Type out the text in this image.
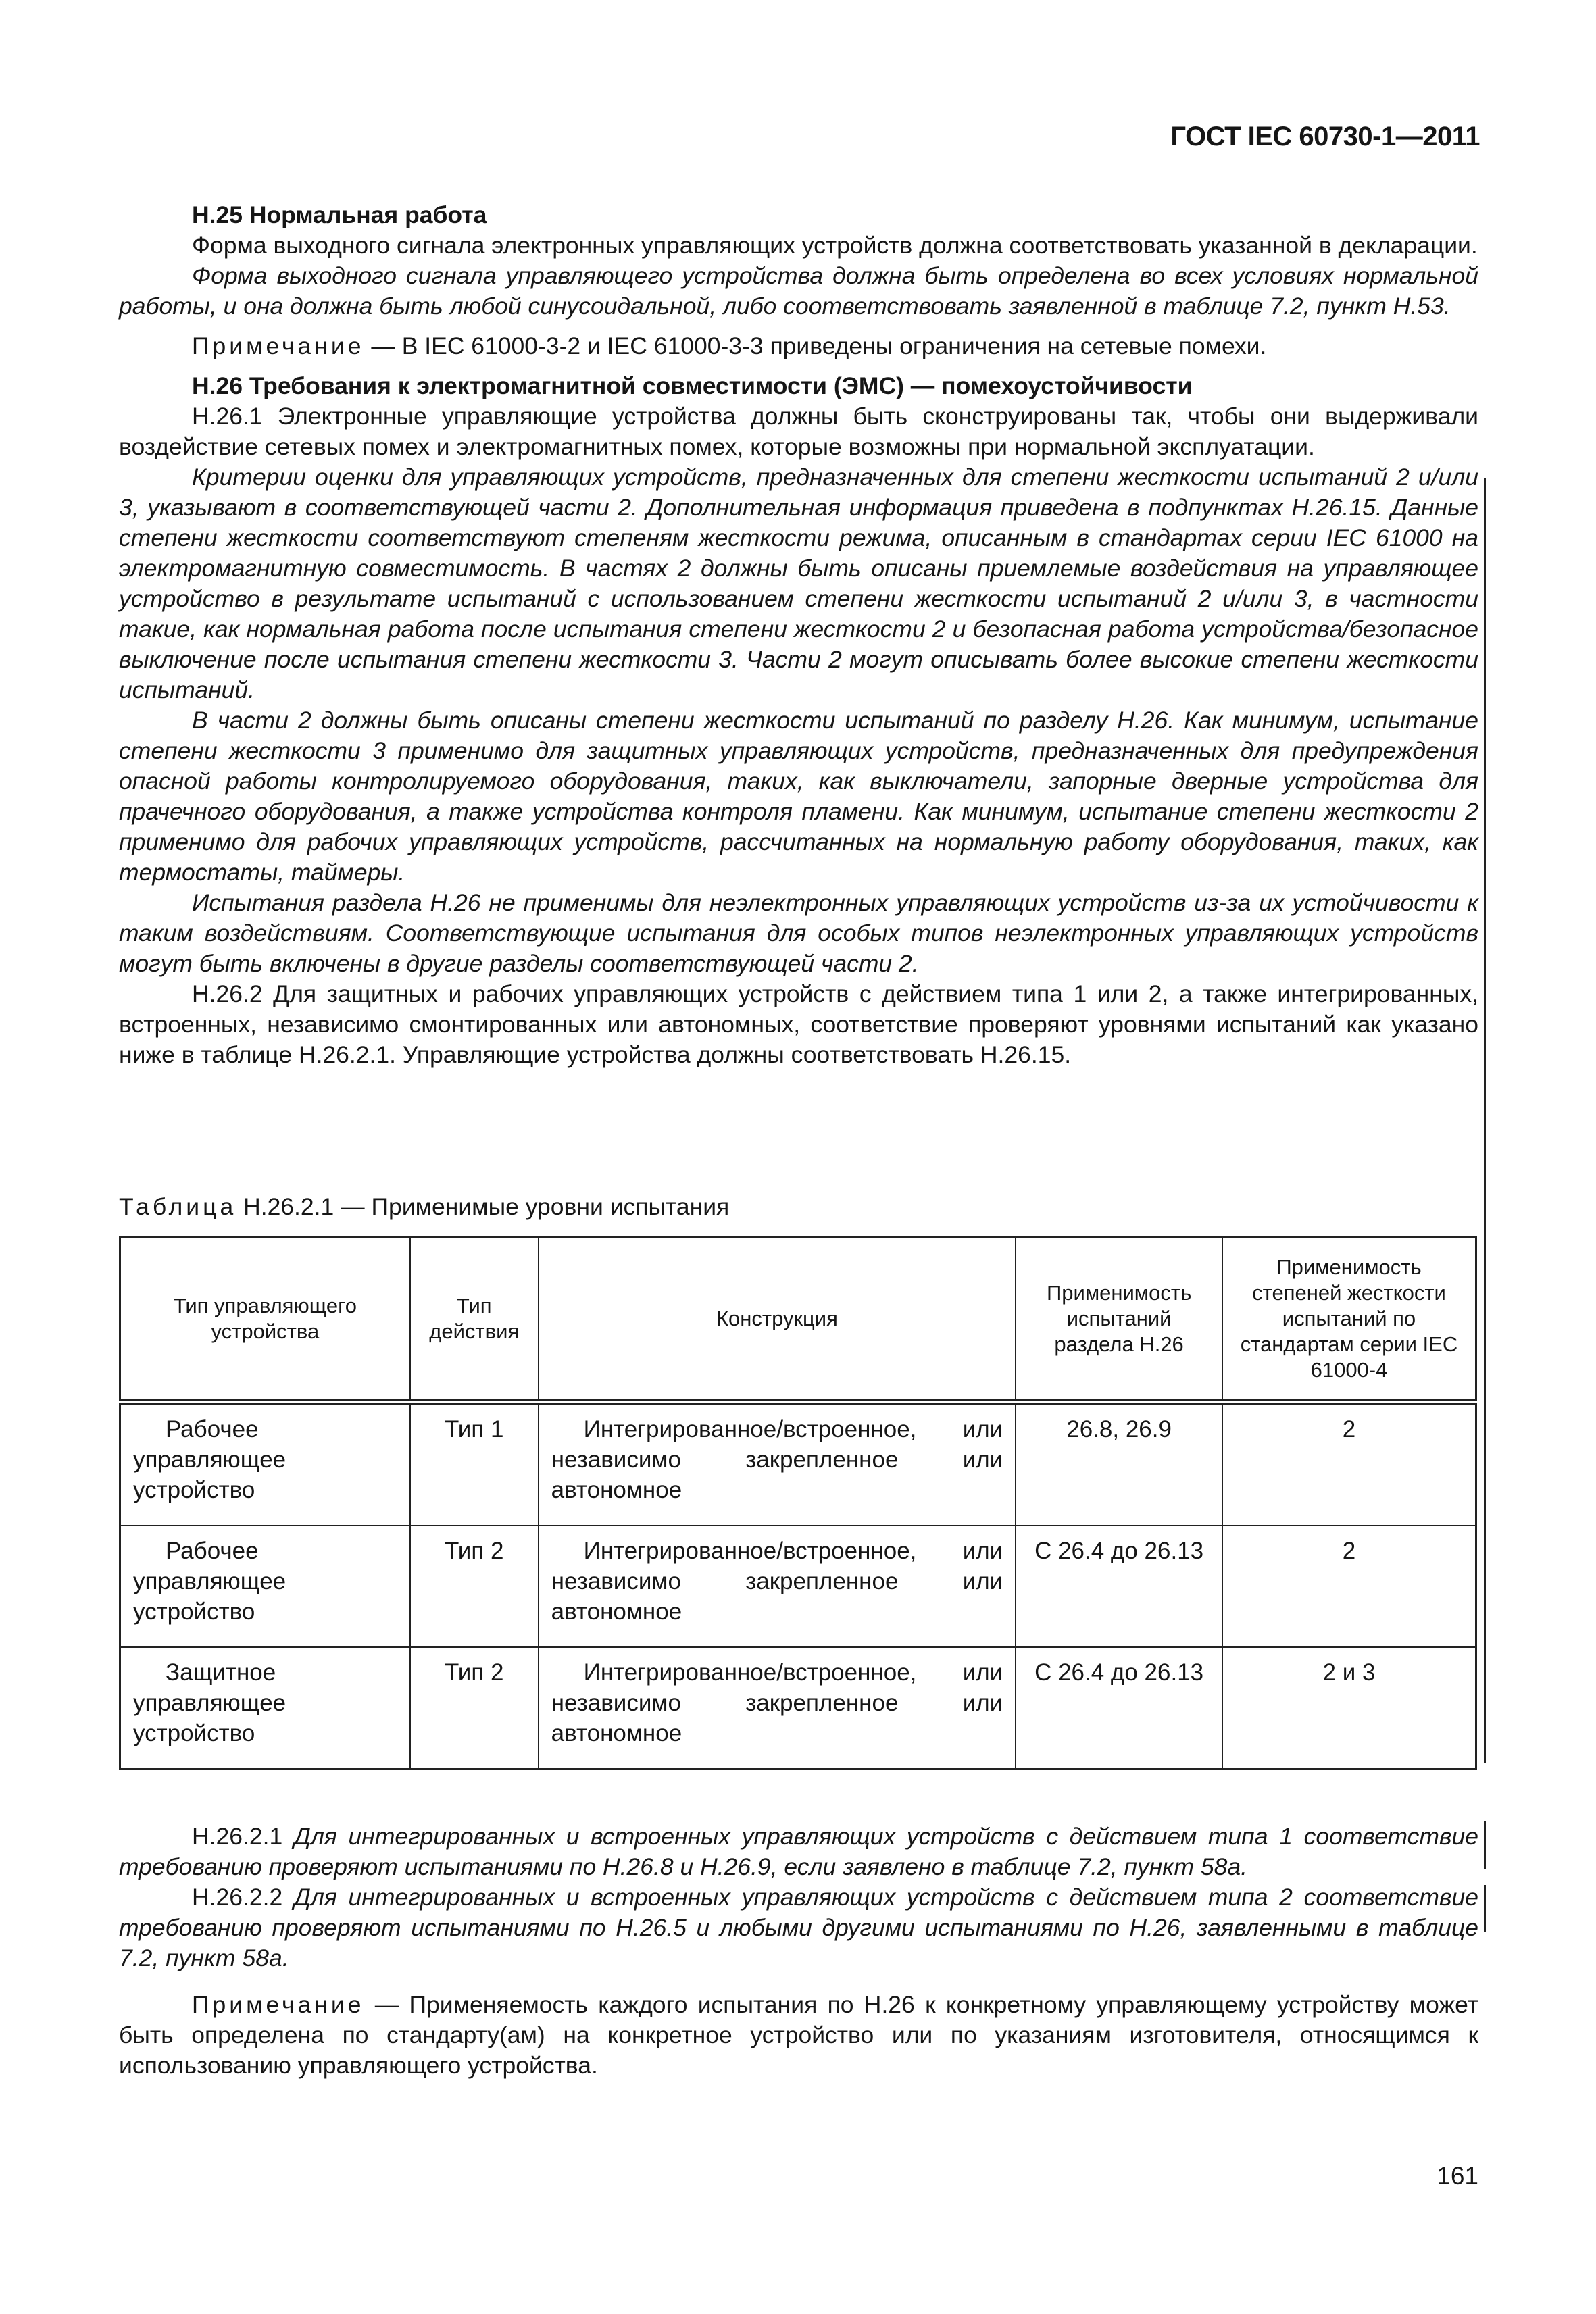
ГОСТ IEC 60730-1—2011

H.25 Нормальная работа

Форма выходного сигнала электронных управляющих устройств должна соответствовать указанной в декларации.

Форма выходного сигнала управляющего устройства должна быть определена во всех условиях нормальной работы, и она должна быть любой синусоидальной, либо соответствовать заявленной в таблице 7.2, пункт H.53.

Примечание — В IEC 61000-3-2 и IEC 61000-3-3 приведены ограничения на сетевые помехи.

H.26 Требования к электромагнитной совместимости (ЭМС) — помехоустойчивости

H.26.1 Электронные управляющие устройства должны быть сконструированы так, чтобы они выдерживали воздействие сетевых помех и электромагнитных помех, которые возможны при нормальной эксплуатации.

Критерии оценки для управляющих устройств, предназначенных для степени жесткости испытаний 2 и/или 3, указывают в соответствующей части 2. Дополнительная информация приведена в подпунктах H.26.15. Данные степени жесткости соответствуют степеням жесткости режима, описанным в стандартах серии IEC 61000 на электромагнитную совместимость. В частях 2 должны быть описаны приемлемые воздействия на управляющее устройство в результате испытаний с использованием степени жесткости испытаний 2 и/или 3, в частности такие, как нормальная работа после испытания степени жесткости 2 и безопасная работа устройства/безопасное выключение после испытания степени жесткости 3. Части 2 могут описывать более высокие степени жесткости испытаний.

В части 2 должны быть описаны степени жесткости испытаний по разделу H.26. Как минимум, испытание степени жесткости 3 применимо для защитных управляющих устройств, предназначенных для предупреждения опасной работы контролируемого оборудования, таких, как выключатели, запорные дверные устройства для прачечного оборудования, а также устройства контроля пламени. Как минимум, испытание степени жесткости 2 применимо для рабочих управляющих устройств, рассчитанных на нормальную работу оборудования, таких, как термостаты, таймеры.

Испытания раздела H.26 не применимы для неэлектронных управляющих устройств из-за их устойчивости к таким воздействиям. Соответствующие испытания для особых типов неэлектронных управляющих устройств могут быть включены в другие разделы соответствующей части 2.

H.26.2 Для защитных и рабочих управляющих устройств с действием типа 1 или 2, а также интегрированных, встроенных, независимо смонтированных или автономных, соответствие проверяют уровнями испытаний как указано ниже в таблице H.26.2.1. Управляющие устройства должны соответствовать H.26.15.

Таблица H.26.2.1 — Применимые уровни испытания
Тип управляющего устройства	Тип действия	Конструкция	Применимость испытаний раздела H.26	Применимость степеней жесткости испытаний по стандартам серии IEC 61000-4
Рабочее управляющее устройство	Тип 1	Интегрированное/встроенное, или независимо закрепленное или автономное	26.8, 26.9	2
Рабочее управляющее устройство	Тип 2	Интегрированное/встроенное, или независимо закрепленное или автономное	С 26.4 до 26.13	2
Защитное управляющее устройство	Тип 2	Интегрированное/встроенное, или независимо закрепленное или автономное	С 26.4 до 26.13	2 и 3

H.26.2.1 Для интегрированных и встроенных управляющих устройств с действием типа 1 соответствие требованию проверяют испытаниями по H.26.8 и H.26.9, если заявлено в таблице 7.2, пункт 58а.

H.26.2.2 Для интегрированных и встроенных управляющих устройств с действием типа 2 соответствие требованию проверяют испытаниями по H.26.5 и любыми другими испытаниями по H.26, заявленными в таблице 7.2, пункт 58а.

Примечание — Применяемость каждого испытания по H.26 к конкретному управляющему устройству может быть определена по стандарту(ам) на конкретное устройство или по указаниям изготовителя, относящимся к использованию управляющего устройства.

161
